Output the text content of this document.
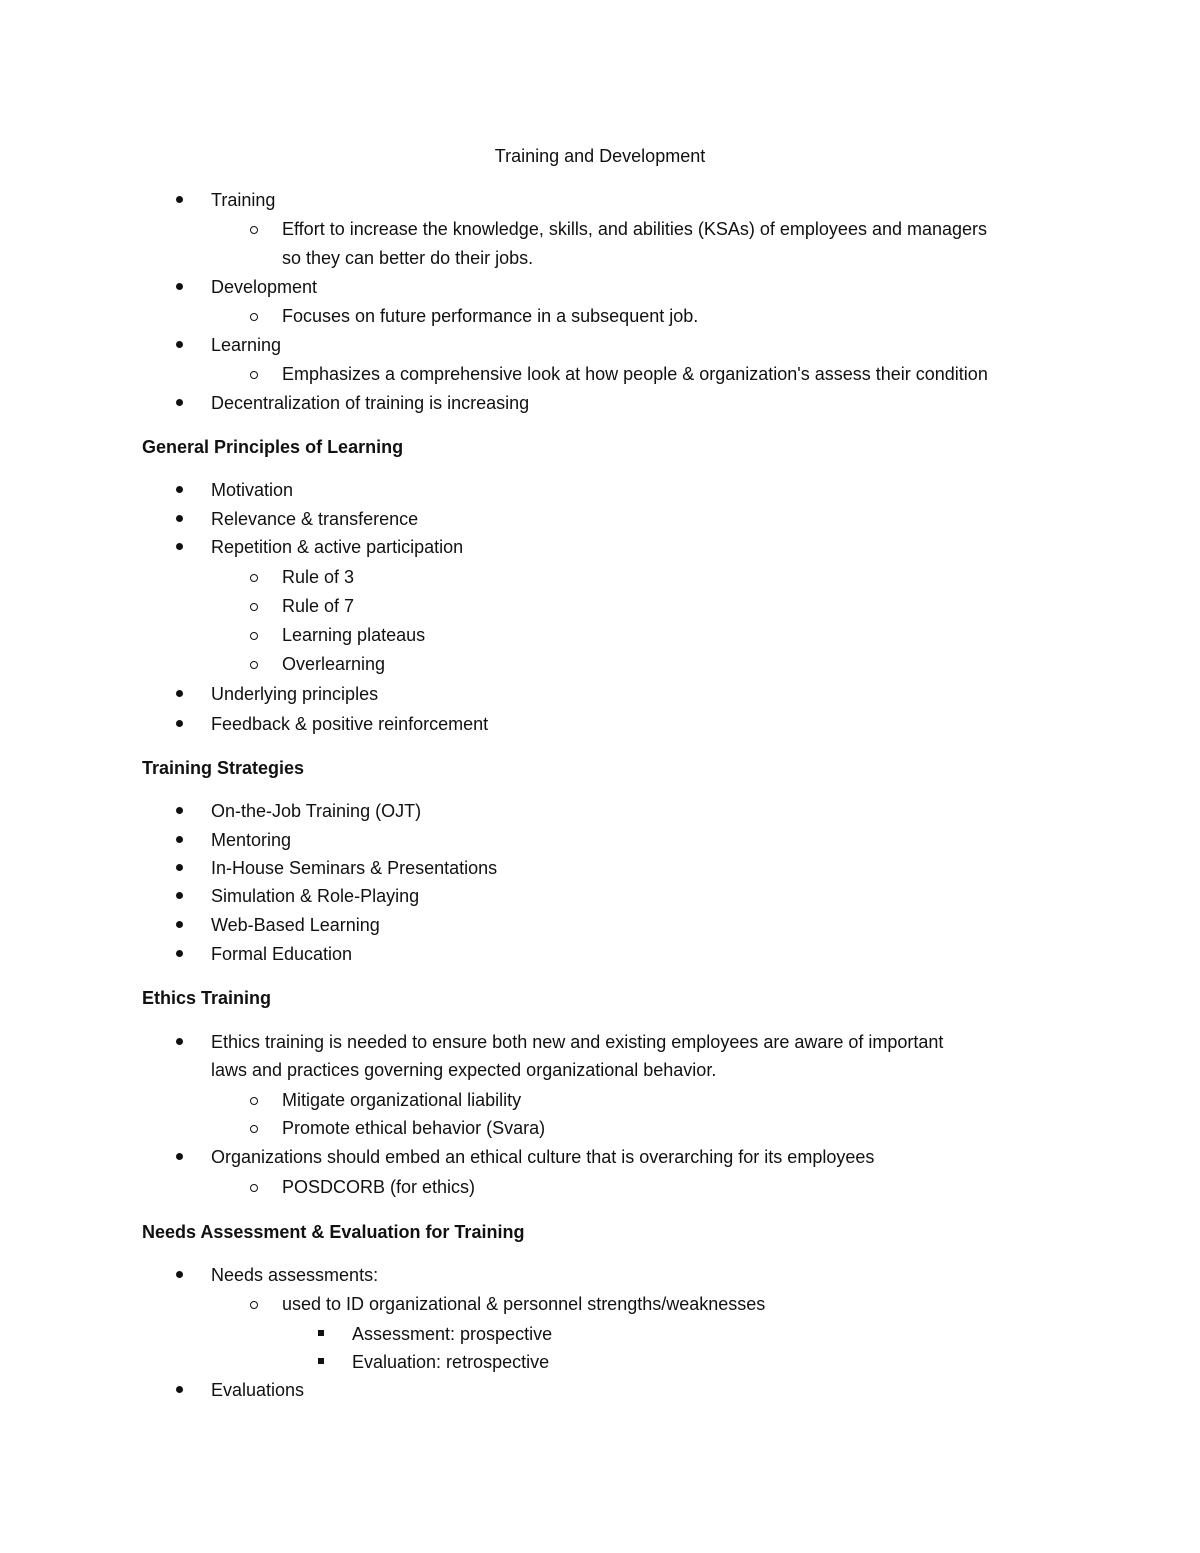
Training and Development
Training
Effort to increase the knowledge, skills, and abilities (KSAs) of employees and managers
so they can better do their jobs.
Development
Focuses on future performance in a subsequent job.
Learning
Emphasizes a comprehensive look at how people & organization's assess their condition
Decentralization of training is increasing
General Principles of Learning
Motivation
Relevance & transference
Repetition & active participation
Rule of 3
Rule of 7
Learning plateaus
Overlearning
Underlying principles
Feedback & positive reinforcement
Training Strategies
On-the-Job Training (OJT)
Mentoring
In-House Seminars & Presentations
Simulation & Role-Playing
Web-Based Learning
Formal Education
Ethics Training
Ethics training is needed to ensure both new and existing employees are aware of important
laws and practices governing expected organizational behavior.
Mitigate organizational liability
Promote ethical behavior (Svara)
Organizations should embed an ethical culture that is overarching for its employees
POSDCORB (for ethics)
Needs Assessment & Evaluation for Training
Needs assessments:
used to ID organizational & personnel strengths/weaknesses
Assessment: prospective
Evaluation: retrospective
Evaluations
